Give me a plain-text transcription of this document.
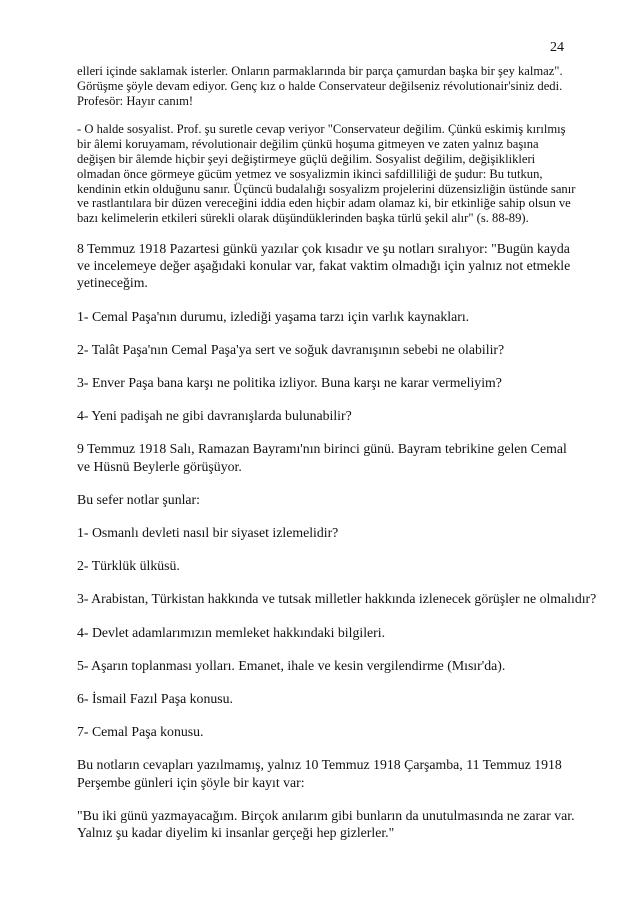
24

elleri içinde saklamak isterler. Onların parmaklarında bir parça çamurdan başka bir şey kalmaz". Görüşme şöyle devam ediyor. Genç kız o halde Conservateur değilseniz révolutionair'siniz dedi. Profesör: Hayır canım!

- O halde sosyalist. Prof. şu suretle cevap veriyor "Conservateur değilim. Çünkü eskimiş kırılmış bir âlemi koruyamam, révolutionair değilim çünkü hoşuma gitmeyen ve zaten yalnız başına değişen bir âlemde hiçbir şeyi değiştirmeye güçlü değilim. Sosyalist değilim, değişiklikleri olmadan önce görmeye gücüm yetmez ve sosyalizmin ikinci safdilliliği de şudur: Bu tutkun, kendinin etkin olduğunu sanır. Üçüncü budalalığı sosyalizm projelerini düzensizliğin üstünde sanır ve rastlantılara bir düzen vereceğini iddia eden hiçbir adam olamaz ki, bir etkinliğe sahip olsun ve bazı kelimelerin etkileri sürekli olarak düşündüklerinden başka türlü şekil alır" (s. 88-89).

8 Temmuz 1918 Pazartesi günkü yazılar çok kısadır ve şu notları sıralıyor: "Bugün kayda ve incelemeye değer aşağıdaki konular var, fakat vaktim olmadığı için yalnız not etmekle yetineceğim.

1- Cemal Paşa'nın durumu, izlediği yaşama tarzı için varlık kaynakları.

2- Talât Paşa'nın Cemal Paşa'ya sert ve soğuk davranışının sebebi ne olabilir?

3- Enver Paşa bana karşı ne politika izliyor. Buna karşı ne karar vermeliyim?

4- Yeni padişah ne gibi davranışlarda bulunabilir?

9 Temmuz 1918 Salı, Ramazan Bayramı'nın birinci günü. Bayram tebrikine gelen Cemal ve Hüsnü Beylerle görüşüyor.

Bu sefer notlar şunlar:

1- Osmanlı devleti nasıl bir siyaset izlemelidir?

2- Türklük ülküsü.

3- Arabistan, Türkistan hakkında ve tutsak milletler hakkında izlenecek görüşler ne olmalıdır?

4- Devlet adamlarımızın memleket hakkındaki bilgileri.

5- Aşarın toplanması yolları. Emanet, ihale ve kesin vergilendirme (Mısır'da).

6- İsmail Fazıl Paşa konusu.

7- Cemal Paşa konusu.

Bu notların cevapları yazılmamış, yalnız 10 Temmuz 1918 Çarşamba, 11 Temmuz 1918 Perşembe günleri için şöyle bir kayıt var:

"Bu iki günü yazmayacağım. Birçok anılarım gibi bunların da unutulmasında ne zarar var. Yalnız şu kadar diyelim ki insanlar gerçeği hep gizlerler."
